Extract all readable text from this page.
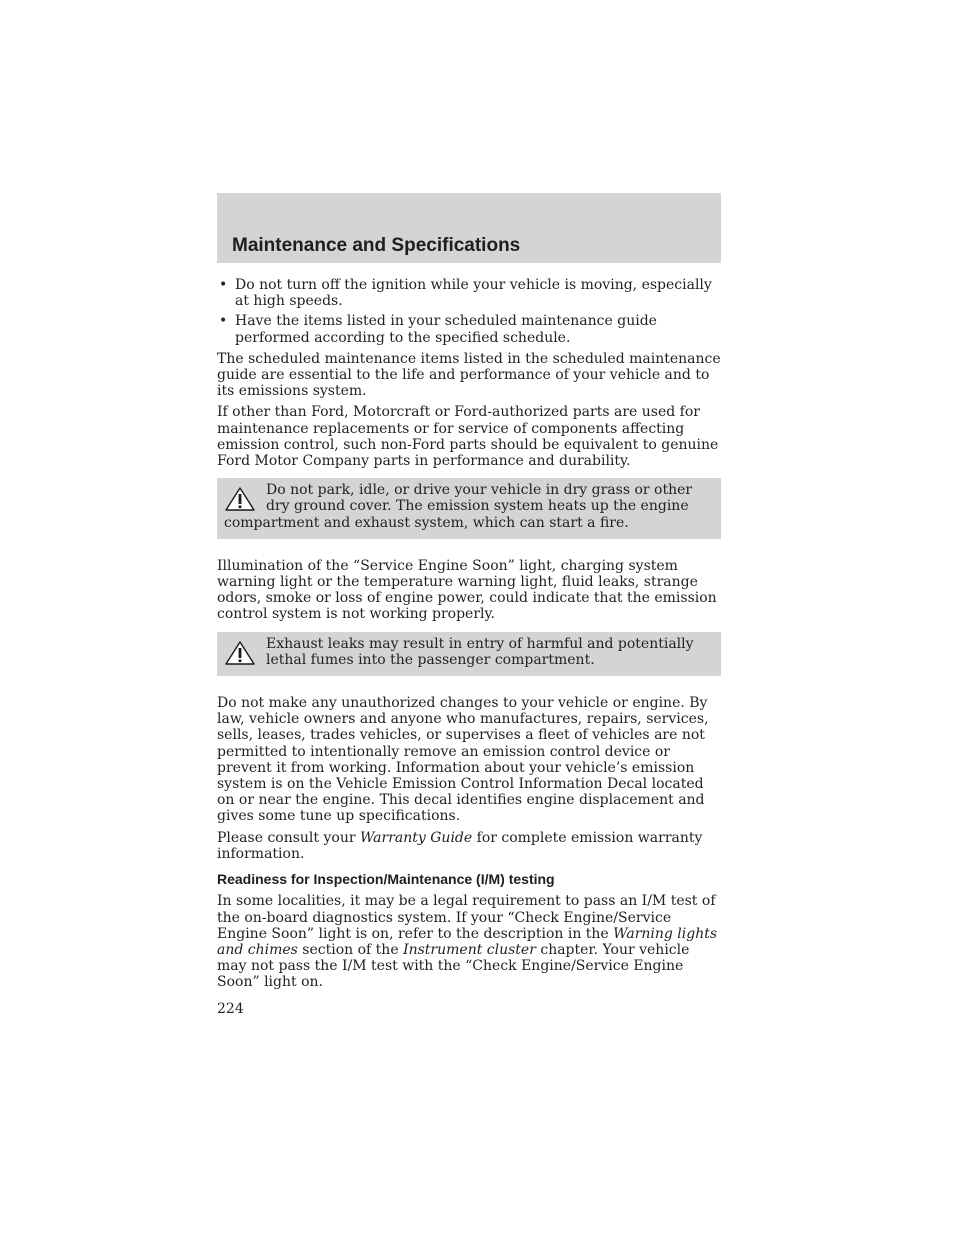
Maintenance and Specifications
• Do not turn off the ignition while your vehicle is moving, especially at high speeds.
• Have the items listed in your scheduled maintenance guide performed according to the specified schedule.

The scheduled maintenance items listed in the scheduled maintenance guide are essential to the life and performance of your vehicle and to its emissions system.

If other than Ford, Motorcraft or Ford-authorized parts are used for maintenance replacements or for service of components affecting emission control, such non-Ford parts should be equivalent to genuine Ford Motor Company parts in performance and durability.

Do not park, idle, or drive your vehicle in dry grass or other dry ground cover. The emission system heats up the engine compartment and exhaust system, which can start a fire.

Illumination of the “Service Engine Soon” light, charging system warning light or the temperature warning light, fluid leaks, strange odors, smoke or loss of engine power, could indicate that the emission control system is not working properly.

Exhaust leaks may result in entry of harmful and potentially lethal fumes into the passenger compartment.

Do not make any unauthorized changes to your vehicle or engine. By law, vehicle owners and anyone who manufactures, repairs, services, sells, leases, trades vehicles, or supervises a fleet of vehicles are not permitted to intentionally remove an emission control device or prevent it from working. Information about your vehicle’s emission system is on the Vehicle Emission Control Information Decal located on or near the engine. This decal identifies engine displacement and gives some tune up specifications.

Please consult your Warranty Guide for complete emission warranty information.

Readiness for Inspection/Maintenance (I/M) testing

In some localities, it may be a legal requirement to pass an I/M test of the on-board diagnostics system. If your “Check Engine/Service Engine Soon” light is on, refer to the description in the Warning lights and chimes section of the Instrument cluster chapter. Your vehicle may not pass the I/M test with the “Check Engine/Service Engine Soon” light on.

224
